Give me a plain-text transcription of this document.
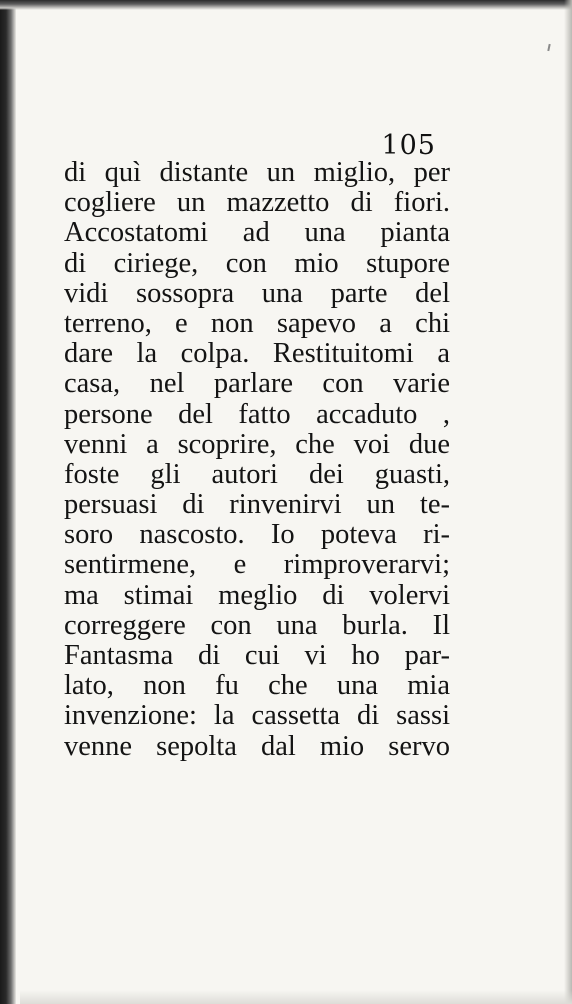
105
di quì distante un miglio, per
cogliere un mazzetto di fiori.
Accostatomi ad una pianta
di ciriege, con mio stupore
vidi sossopra una parte del
terreno, e non sapevo a chi
dare la colpa. Restituitomi a
casa, nel parlare con varie
persone del fatto accaduto ,
venni a scoprire, che voi due
foste gli autori dei guasti,
persuasi di rinvenirvi un te-
soro nascosto. Io poteva ri-
sentirmene, e rimproverarvi;
ma stimai meglio di volervi
correggere con una burla. Il
Fantasma di cui vi ho par-
lato, non fu che una mia
invenzione: la cassetta di sassi
venne sepolta dal mio servo
